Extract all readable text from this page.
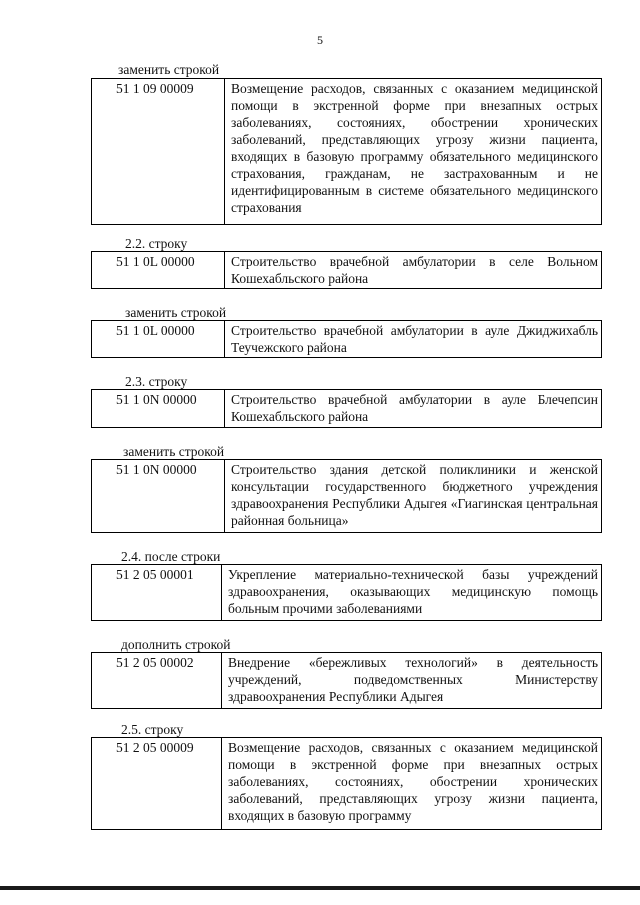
5
заменить строкой
51 1 09 00009	Возмещение расходов, связанных с оказанием медицинской помощи в экстренной форме при внезапных острых заболеваниях, состояниях, обострении хронических заболеваний, представляющих угрозу жизни пациента, входящих в базовую программу обязательного медицинского страхования, гражданам, не застрахованным и не идентифицированным в системе обязательного медицинского страхования
2.2. строку
51 1 0L 00000	Строительство врачебной амбулатории в селе Вольном Кошехабльского района
заменить строкой
51 1 0L 00000	Строительство врачебной амбулатории в ауле Джиджихабль Теучежского района
2.3. строку
51 1 0N 00000	Строительство врачебной амбулатории в ауле Блечепсин Кошехабльского района
заменить строкой
51 1 0N 00000	Строительство здания детской поликлиники и женской консультации государственного бюджетного учреждения здравоохранения Республики Адыгея «Гиагинская центральная районная больница»
2.4. после строки
51 2 05 00001	Укрепление материально-технической базы учреждений здравоохранения, оказывающих медицинскую помощь больным прочими заболеваниями
дополнить строкой
51 2 05 00002	Внедрение «бережливых технологий» в деятельность учреждений, подведомственных Министерству здравоохранения Республики Адыгея
2.5. строку
51 2 05 00009	Возмещение расходов, связанных с оказанием медицинской помощи в экстренной форме при внезапных острых заболеваниях, состояниях, обострении хронических заболеваний, представляющих угрозу жизни пациента, входящих в базовую программу
